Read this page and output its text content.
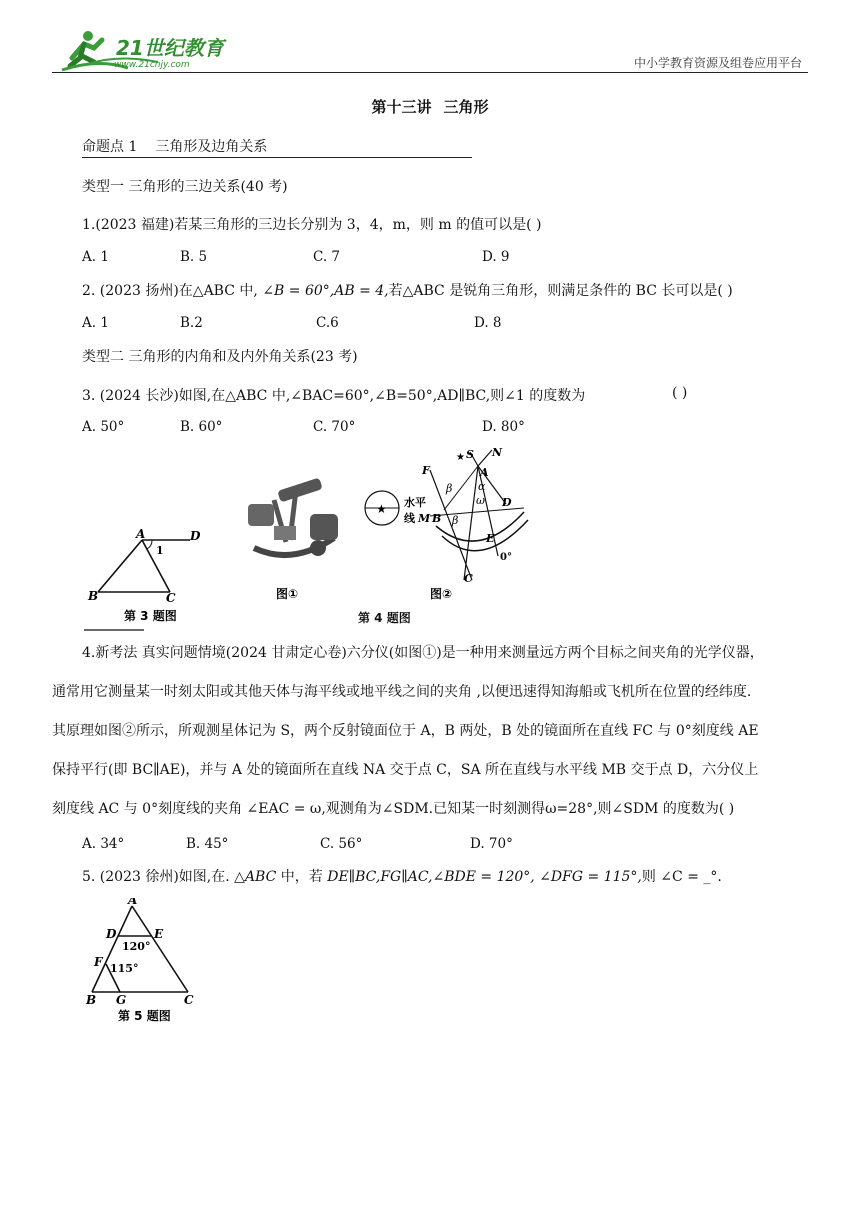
21世纪教育
www.21cnjy.com	中小学教育资源及组卷应用平台
第十三讲 三角形
命题点 1 三角形及边角关系
类型一 三角形的三边关系(40 考)
1.(2023 福建)若某三角形的三边长分别为 3，4，m，则 m 的值可以是( )
A. 1	B. 5	C. 7	D. 9
2. (2023 扬州)在△ABC 中, ∠B = 60°,AB = 4,若△ABC 是锐角三角形，则满足条件的 BC 长可以是( )
A. 1	B.2	C.6	D. 8
类型二 三角形的内角和及内外角关系(23 考)
3. (2024 长沙)如图,在△ABC 中,∠BAC=60°,∠B=50°,AD∥BC,则∠1 的度数为	( )
A. 50°	B. 60°	C. 70°	D. 80°
A	D
1
B	C
第 3 题图
图①
★
★ S N
A
F
α
β
ω D
水平
线 M B β
E
0°
C
图②
第 4 题图
4.新考法 真实问题情境(2024 甘肃定心卷)六分仪(如图①)是一种用来测量远方两个目标之间夹角的光学仪器，
通常用它测量某一时刻太阳或其他天体与海平线或地平线之间的夹角 ,以便迅速得知海船或飞机所在位置的经纬度.
其原理如图②所示，所观测星体记为 S，两个反射镜面位于 A，B 两处，B 处的镜面所在直线 FC 与 0°刻度线 AE
保持平行(即 BC∥AE)，并与 A 处的镜面所在直线 NA 交于点 C，SA 所在直线与水平线 MB 交于点 D，六分仪上
刻度线 AC 与 0°刻度线的夹角 ∠EAC = ω,观测角为∠SDM.已知某一时刻测得ω=28°,则∠SDM 的度数为( )
A. 34°	B. 45°	C. 56°	D. 70°
5. (2023 徐州)如图,在. △ABC 中，若 DE∥BC,FG∥AC,∠BDE = 120°, ∠DFG = 115°,则 ∠C = _°.
A
D	E
120°
F 115°
B G	C
第 5 题图
